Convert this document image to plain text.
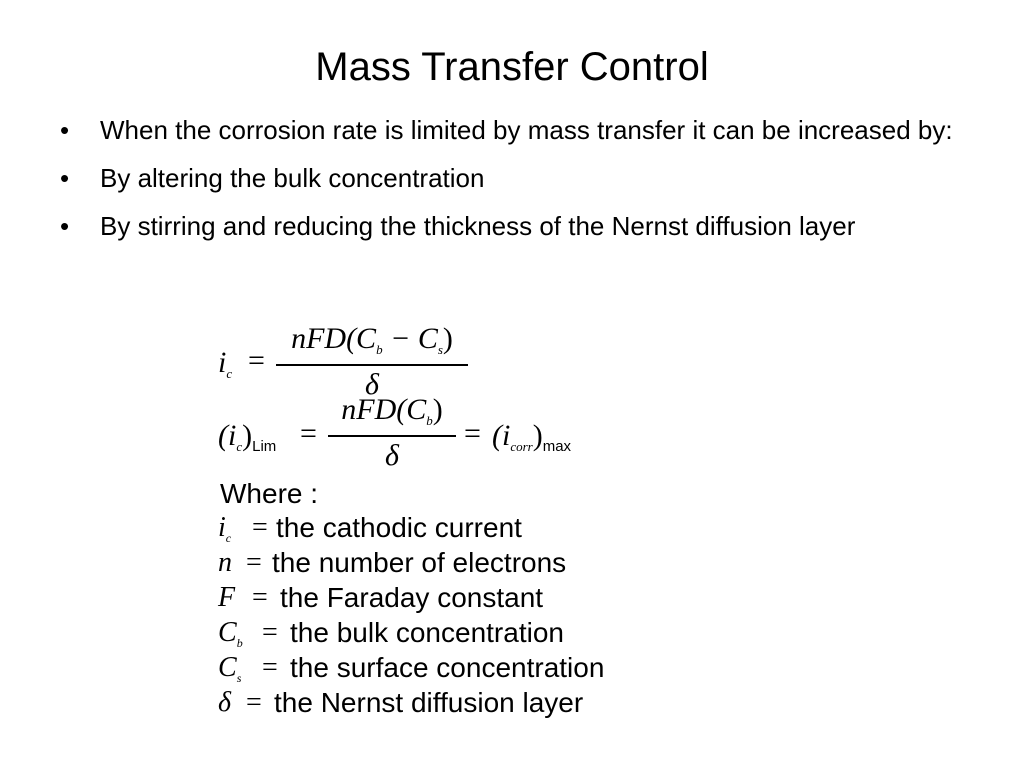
Mass Transfer Control
• When the corrosion rate is limited by mass transfer it can be increased by:
• By altering the bulk concentration
• By stirring and reducing the thickness of the Nernst diffusion layer
$i_c$ =
$nFD(C_b - C_s)$
δ
$(i_c)_{Lim}$ =
$nFD(C_b)$
δ
= $(i_{corr})_{max}$
Where :
$i_c$ = the cathodic current
n = the number of electrons
F = the Faraday constant
$C_b$ = the bulk concentration
$C_s$ = the surface concentration
δ = the Nernst diffusion layer
